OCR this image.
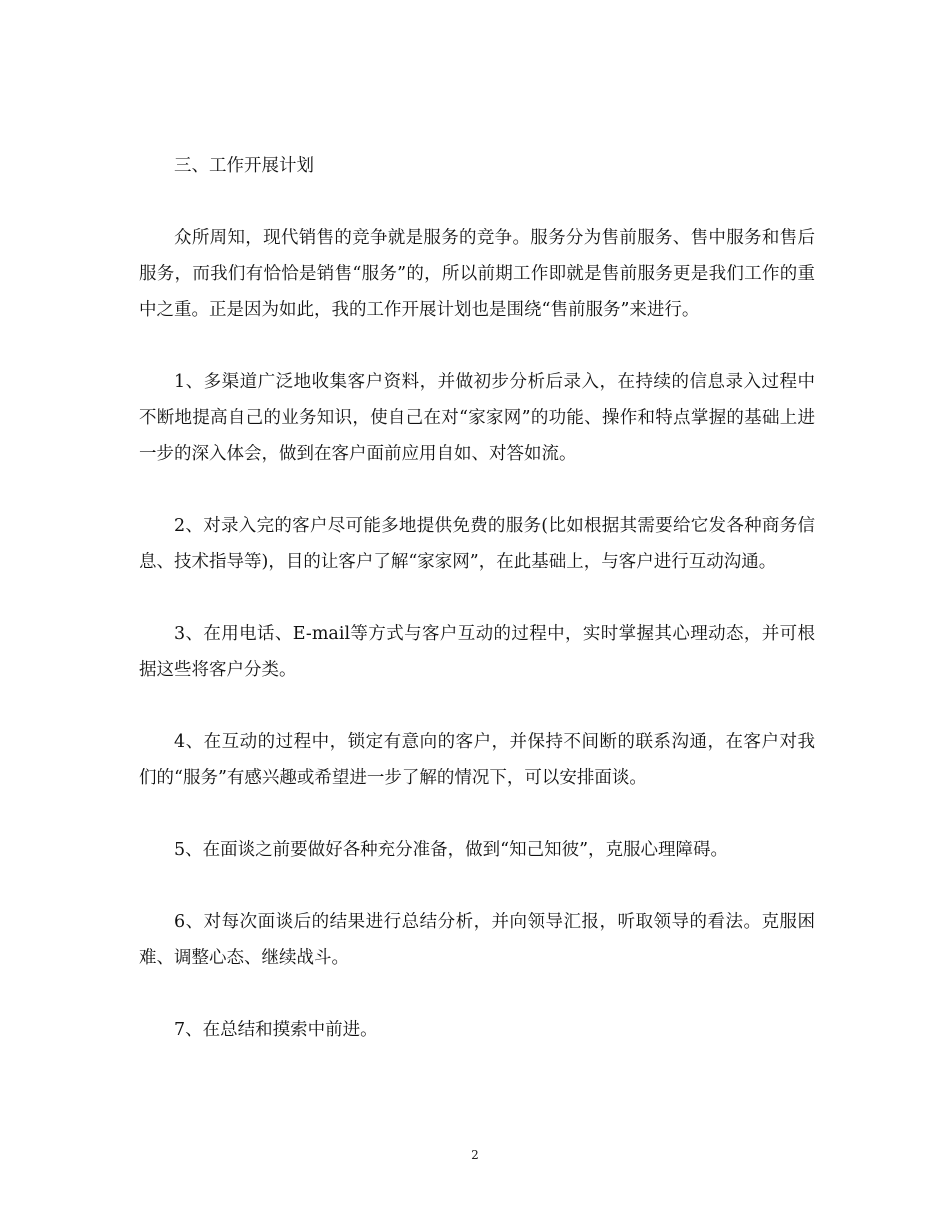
三、工作开展计划

众所周知，现代销售的竞争就是服务的竞争。服务分为售前服务、售中服务和售后服务，而我们有恰恰是销售“服务”的，所以前期工作即就是售前服务更是我们工作的重中之重。正是因为如此，我的工作开展计划也是围绕“售前服务”来进行。

1、多渠道广泛地收集客户资料，并做初步分析后录入，在持续的信息录入过程中不断地提高自己的业务知识，使自己在对“家家网”的功能、操作和特点掌握的基础上进一步的深入体会，做到在客户面前应用自如、对答如流。

2、对录入完的客户尽可能多地提供免费的服务(比如根据其需要给它发各种商务信息、技术指导等)，目的让客户了解“家家网”，在此基础上，与客户进行互动沟通。

3、在用电话、E-mail等方式与客户互动的过程中，实时掌握其心理动态，并可根据这些将客户分类。

4、在互动的过程中，锁定有意向的客户，并保持不间断的联系沟通，在客户对我们的“服务”有感兴趣或希望进一步了解的情况下，可以安排面谈。

5、在面谈之前要做好各种充分准备，做到“知己知彼”，克服心理障碍。

6、对每次面谈后的结果进行总结分析，并向领导汇报，听取领导的看法。克服困难、调整心态、继续战斗。

7、在总结和摸索中前进。

2
